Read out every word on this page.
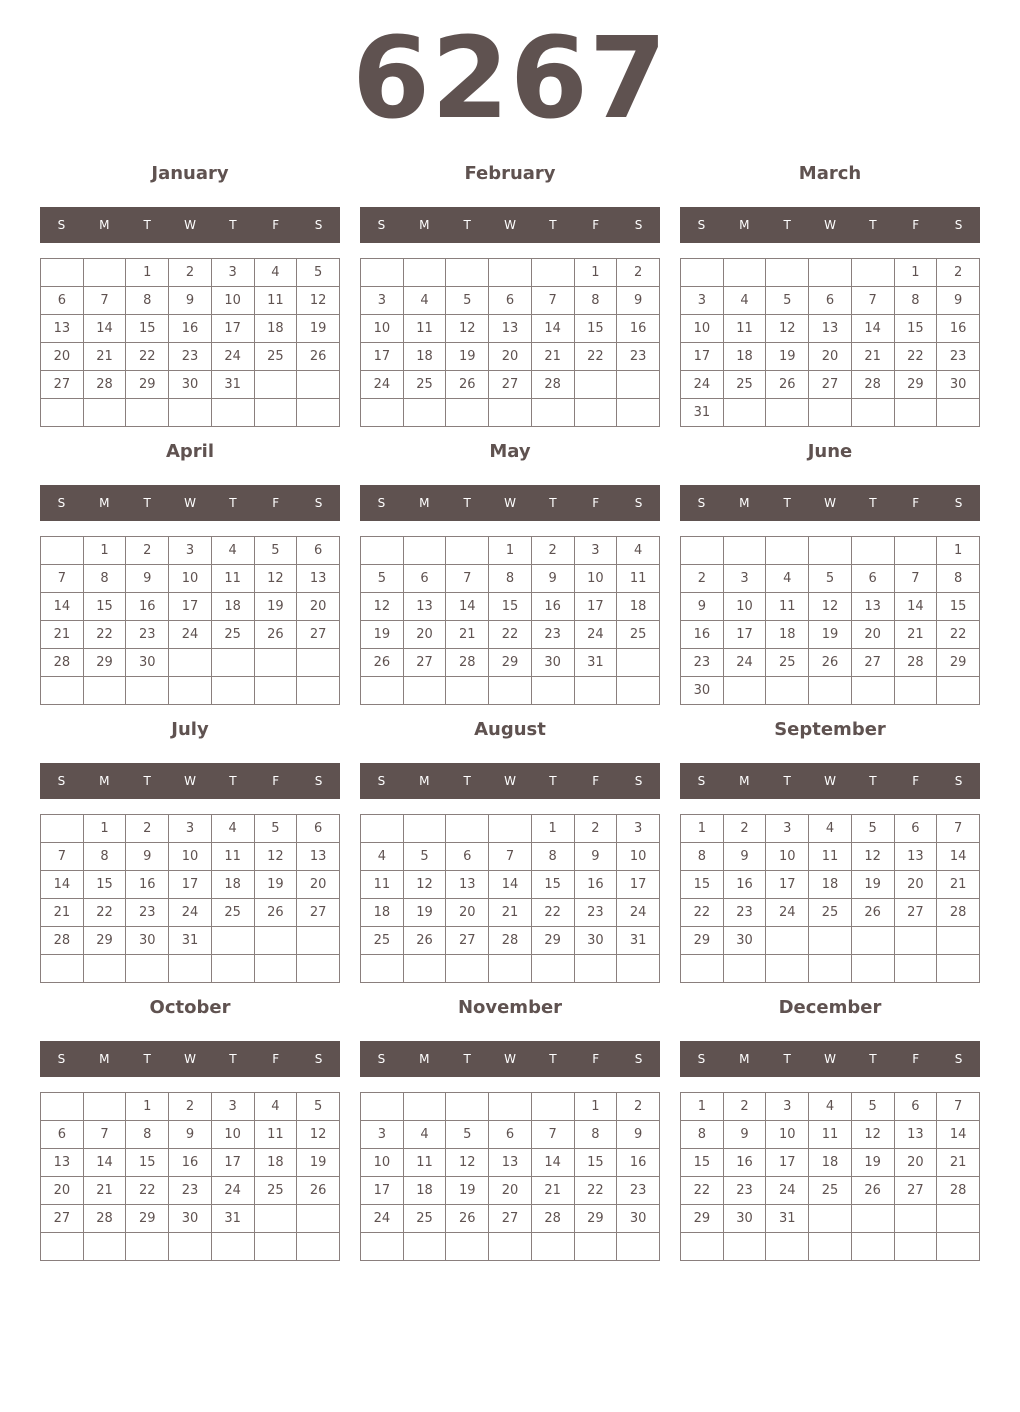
6267
January
S	M	T	W	T	F	S
		1	2	3	4	5
6	7	8	9	10	11	12
13	14	15	16	17	18	19
20	21	22	23	24	25	26
27	28	29	30	31		

February
S	M	T	W	T	F	S
					1	2
3	4	5	6	7	8	9
10	11	12	13	14	15	16
17	18	19	20	21	22	23
24	25	26	27	28		

March
S	M	T	W	T	F	S
					1	2
3	4	5	6	7	8	9
10	11	12	13	14	15	16
17	18	19	20	21	22	23
24	25	26	27	28	29	30
31						
April
S	M	T	W	T	F	S
	1	2	3	4	5	6
7	8	9	10	11	12	13
14	15	16	17	18	19	20
21	22	23	24	25	26	27
28	29	30				

May
S	M	T	W	T	F	S
			1	2	3	4
5	6	7	8	9	10	11
12	13	14	15	16	17	18
19	20	21	22	23	24	25
26	27	28	29	30	31	

June
S	M	T	W	T	F	S
						1
2	3	4	5	6	7	8
9	10	11	12	13	14	15
16	17	18	19	20	21	22
23	24	25	26	27	28	29
30						
July
S	M	T	W	T	F	S
	1	2	3	4	5	6
7	8	9	10	11	12	13
14	15	16	17	18	19	20
21	22	23	24	25	26	27
28	29	30	31			

August
S	M	T	W	T	F	S
				1	2	3
4	5	6	7	8	9	10
11	12	13	14	15	16	17
18	19	20	21	22	23	24
25	26	27	28	29	30	31

September
S	M	T	W	T	F	S
1	2	3	4	5	6	7
8	9	10	11	12	13	14
15	16	17	18	19	20	21
22	23	24	25	26	27	28
29	30					

October
S	M	T	W	T	F	S
		1	2	3	4	5
6	7	8	9	10	11	12
13	14	15	16	17	18	19
20	21	22	23	24	25	26
27	28	29	30	31		

November
S	M	T	W	T	F	S
					1	2
3	4	5	6	7	8	9
10	11	12	13	14	15	16
17	18	19	20	21	22	23
24	25	26	27	28	29	30

December
S	M	T	W	T	F	S
1	2	3	4	5	6	7
8	9	10	11	12	13	14
15	16	17	18	19	20	21
22	23	24	25	26	27	28
29	30	31				
